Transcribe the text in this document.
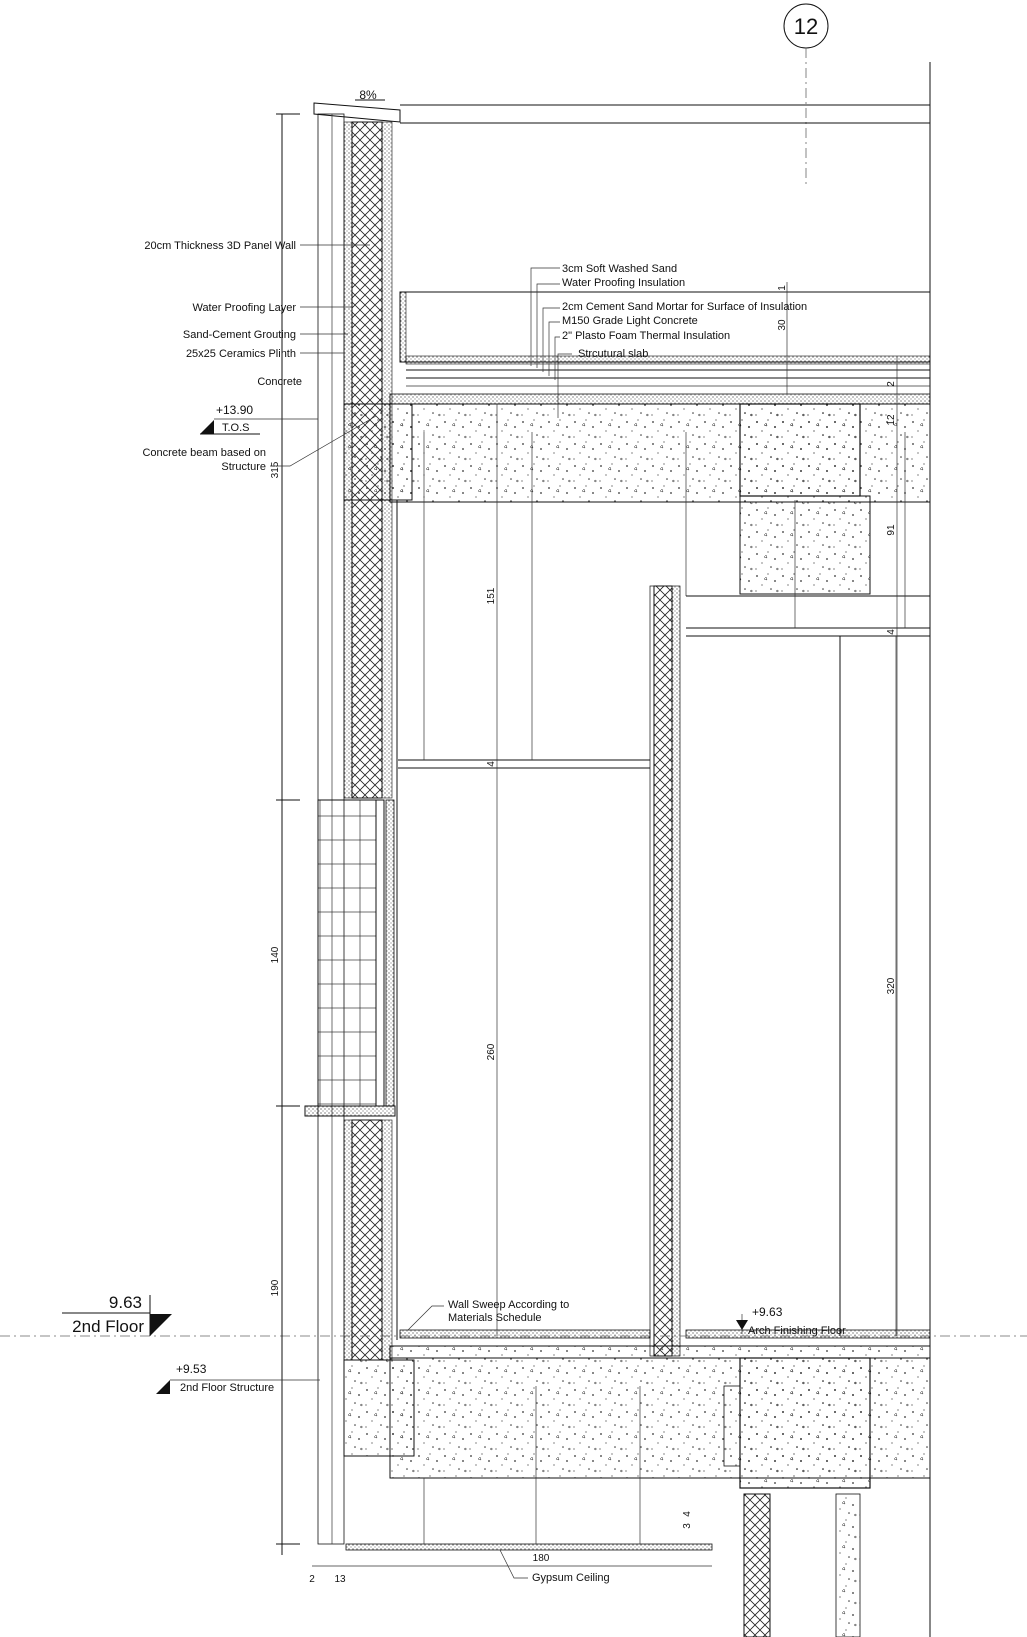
12
8%
315
140
190
151
4
260
1
30
2
12
91
4
320
180
4
3
2 13
20cm Thickness 3D Panel Wall
Water Proofing Layer
Sand-Cement Grouting
25x25 Ceramics Plinth
Concrete
Concrete beam based on
Structure
3cm Soft Washed Sand
Water Proofing Insulation
2cm Cement Sand Mortar for Surface of Insulation
M150 Grade Light Concrete
2" Plasto Foam Thermal Insulation
Strcutural slab
+13.90
T.O.S
9.63
2nd Floor
+9.53
2nd Floor Structure
+9.63
Arch Finishing Floor
Wall Sweep According to
Materials Schedule
Gypsum Ceiling
